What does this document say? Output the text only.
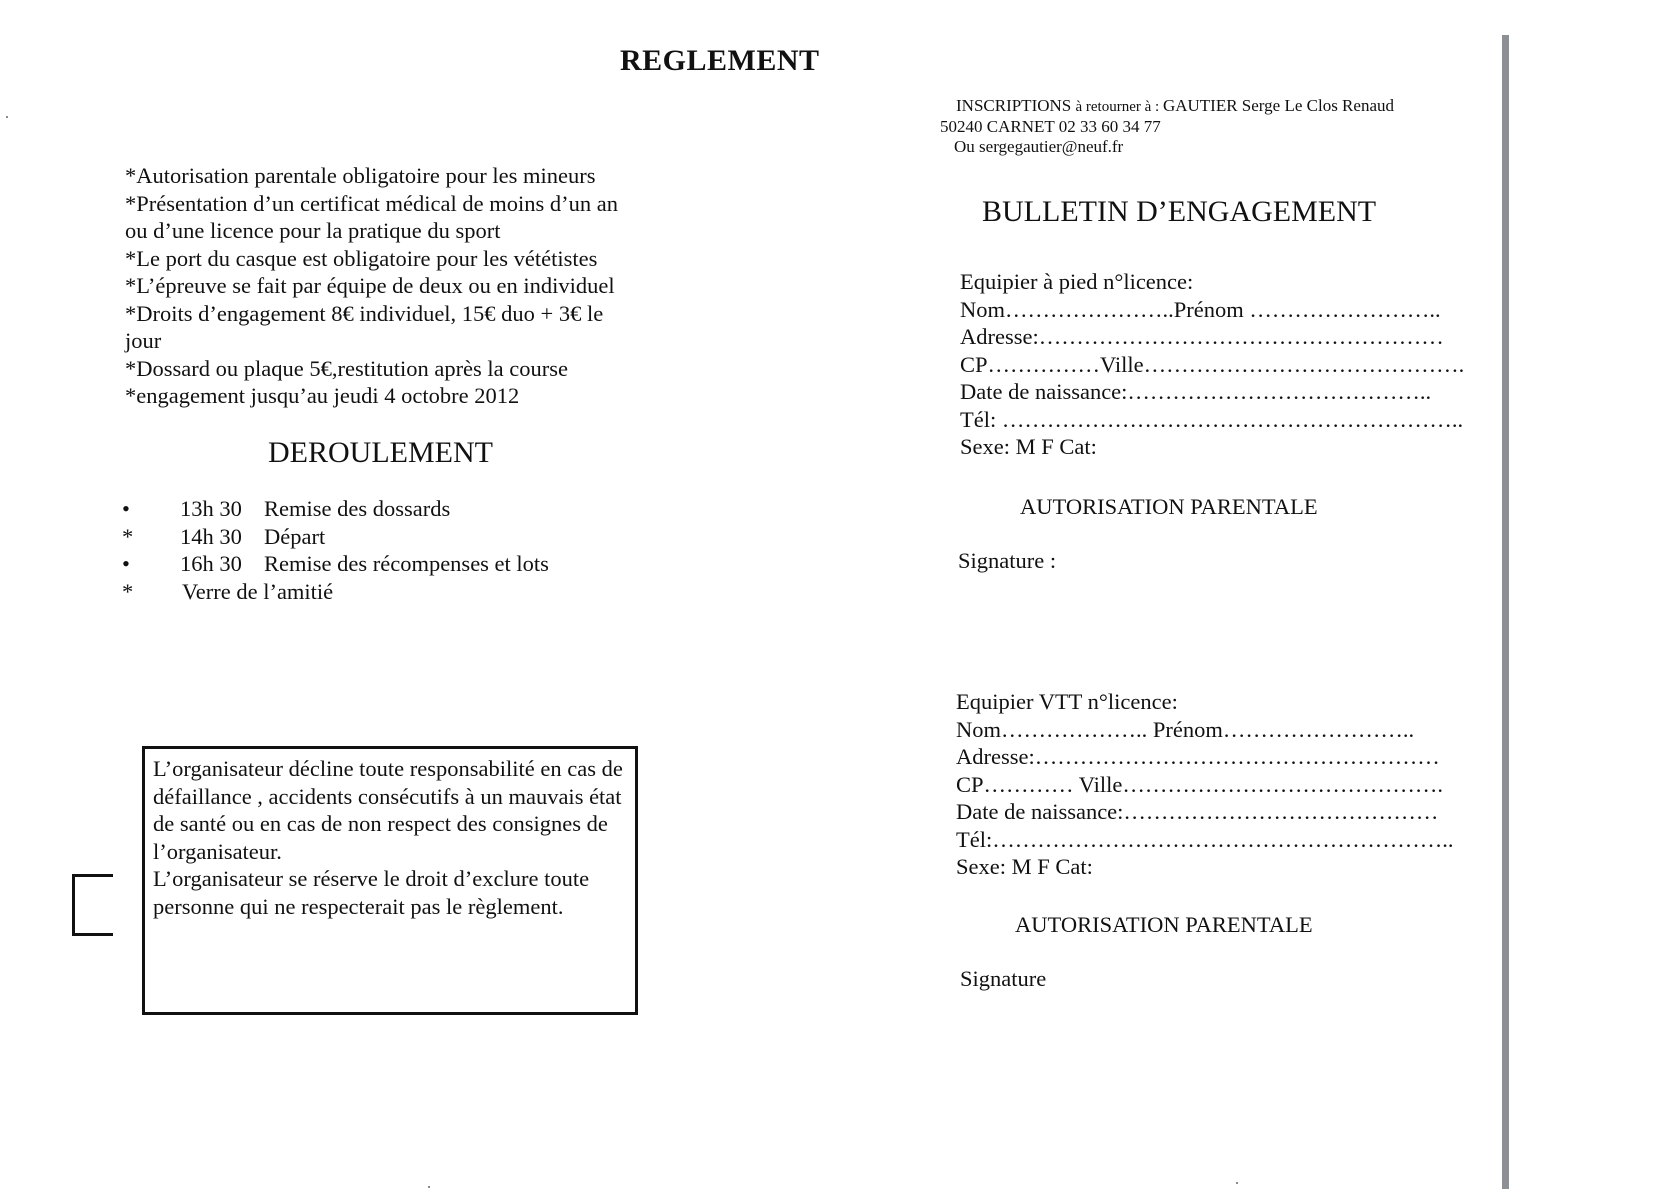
REGLEMENT
*Autorisation parentale obligatoire pour les mineurs
*Présentation d’un certificat médical de moins d’un an
ou d’une licence pour la pratique du sport
*Le port du casque est obligatoire pour les vététistes
*L’épreuve se fait par équipe de deux ou en individuel
*Droits d’engagement 8€ individuel, 15€ duo + 3€ le
jour
*Dossard ou plaque 5€,restitution après la course
*engagement jusqu’au jeudi 4 octobre 2012
DEROULEMENT
•	13h 30 Remise des dossards
*	14h 30 Départ
•	16h 30 Remise des récompenses et lots
*	Verre de l’amitié
L’organisateur décline toute responsabilité en cas de défaillance , accidents consécutifs à un mauvais état de santé ou en cas de non respect des consignes de l’organisateur.
L’organisateur se réserve le droit d’exclure toute personne qui ne respecterait pas le règlement.
INSCRIPTIONS à retourner à : GAUTIER Serge Le Clos Renaud
50240 CARNET 02 33 60 34 77
Ou sergegautier@neuf.fr
BULLETIN D’ENGAGEMENT
Equipier à pied n°licence:
Nom…………………..Prénom ……………………..
Adresse:………………………………………………
CP……………Ville…………………………………….
Date de naissance:…………………………………..
Tél: ……………………………………………………..
Sexe: M F Cat:
AUTORISATION PARENTALE
Signature :
Equipier VTT n°licence:
Nom……………….. Prénom……………………..
Adresse:………………………………………………
CP………… Ville…………………………………….
Date de naissance:……………………………………
Tél:……………………………………………………..
Sexe: M F Cat:
AUTORISATION PARENTALE
Signature
